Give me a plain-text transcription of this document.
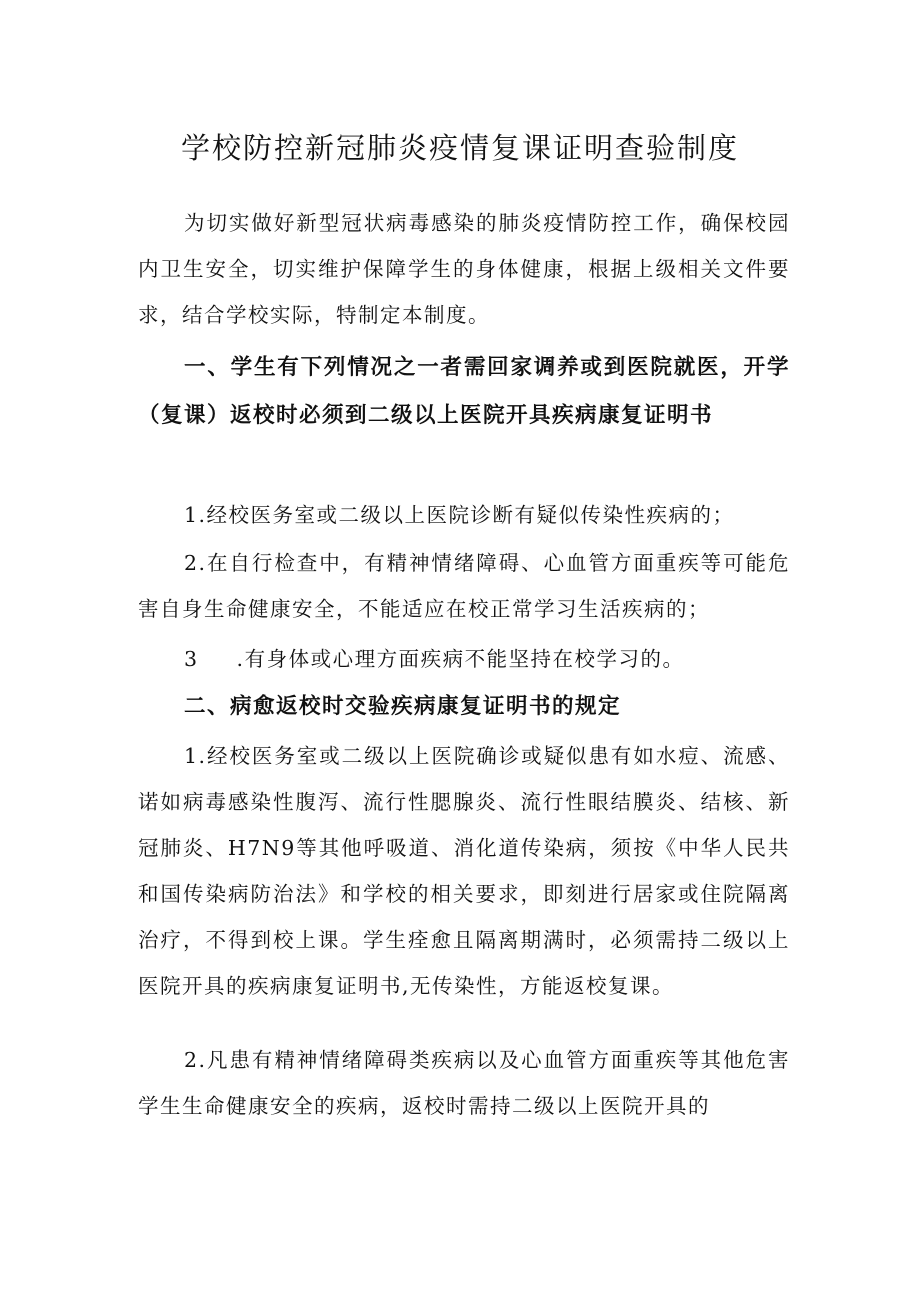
学校防控新冠肺炎疫情复课证明查验制度

为切实做好新型冠状病毒感染的肺炎疫情防控工作，确保校园内卫生安全，切实维护保障学生的身体健康，根据上级相关文件要求，结合学校实际，特制定本制度。

一、学生有下列情况之一者需回家调养或到医院就医，开学（复课）返校时必须到二级以上医院开具疾病康复证明书

1.经校医务室或二级以上医院诊断有疑似传染性疾病的；

2.在自行检查中，有精神情绪障碍、心血管方面重疾等可能危害自身生命健康安全，不能适应在校正常学习生活疾病的；

3 .有身体或心理方面疾病不能坚持在校学习的。

二、病愈返校时交验疾病康复证明书的规定

1.经校医务室或二级以上医院确诊或疑似患有如水痘、流感、诺如病毒感染性腹泻、流行性腮腺炎、流行性眼结膜炎、结核、新冠肺炎、H7N9等其他呼吸道、消化道传染病，须按《中华人民共和国传染病防治法》和学校的相关要求，即刻进行居家或住院隔离治疗，不得到校上课。学生痊愈且隔离期满时，必须需持二级以上医院开具的疾病康复证明书,无传染性，方能返校复课。

2.凡患有精神情绪障碍类疾病以及心血管方面重疾等其他危害学生生命健康安全的疾病，返校时需持二级以上医院开具的
